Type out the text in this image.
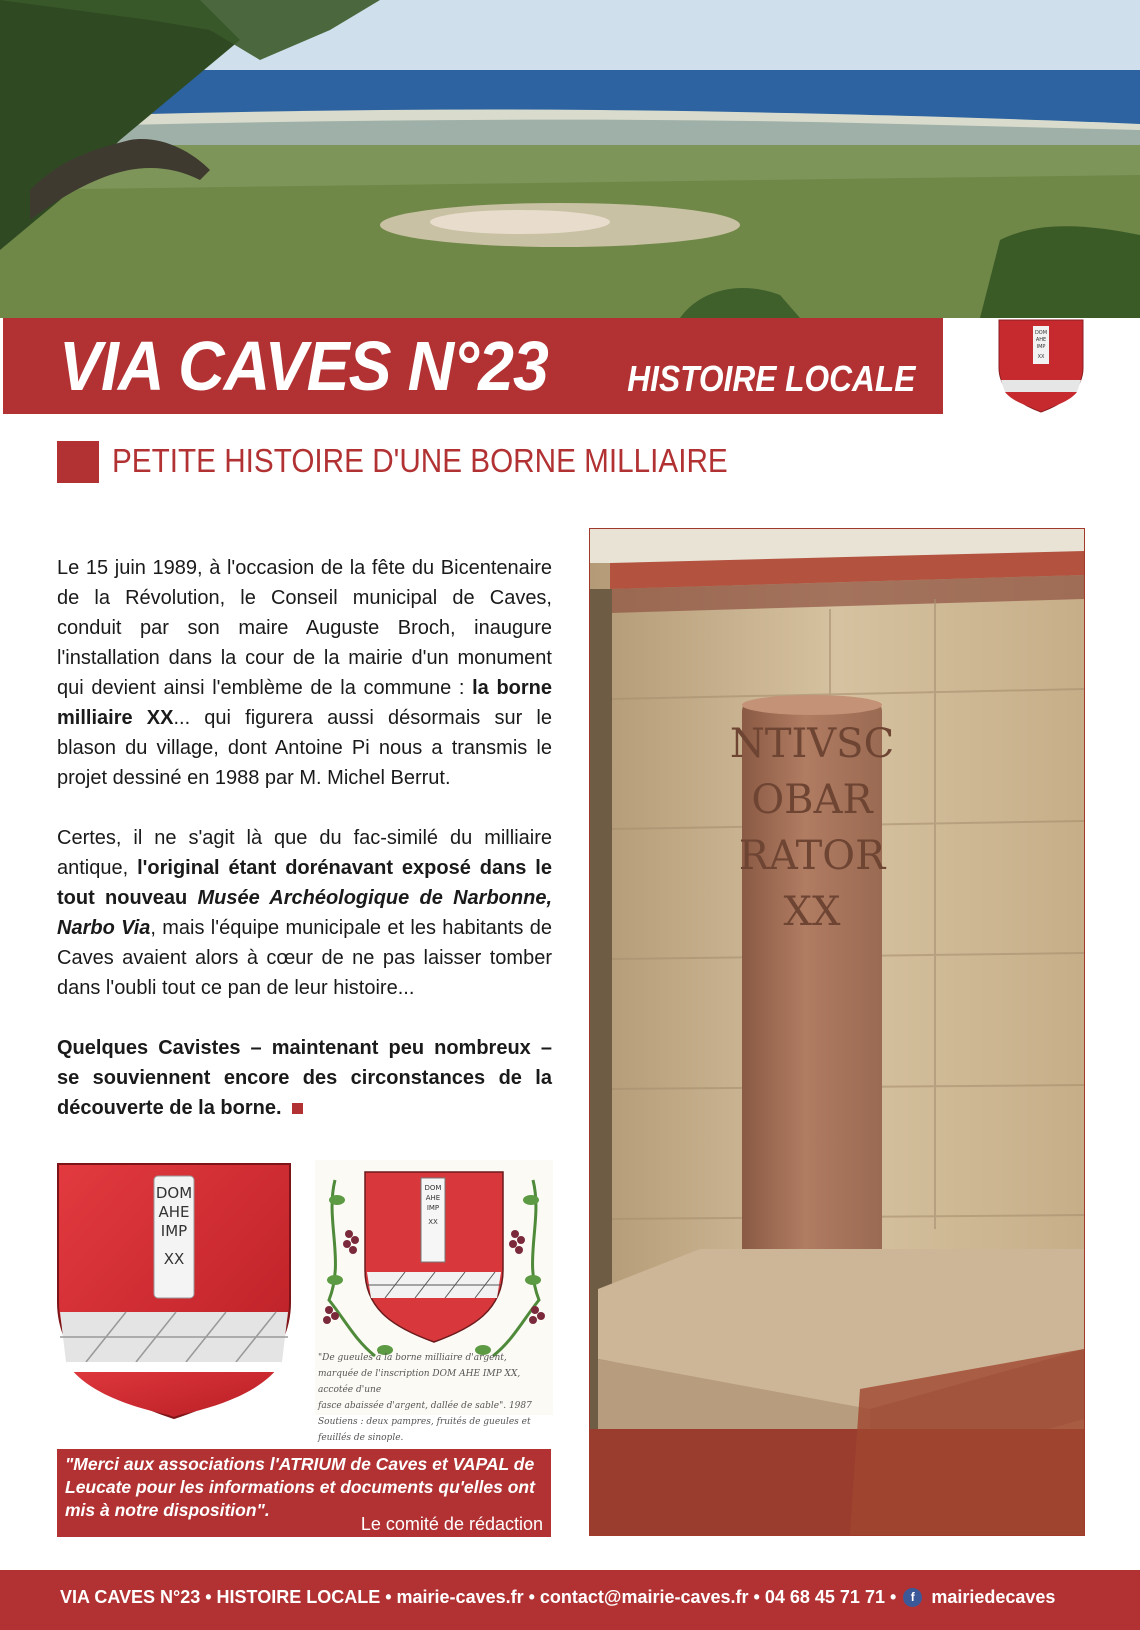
VIA CAVES N°23 HISTOIRE LOCALE
DOM
AHE
IMP
XX
PETITE HISTOIRE D'UNE BORNE MILLIAIRE

Le 15 juin 1989, à l'occasion de la fête du Bicentenaire de la Révolution, le Conseil municipal de Caves, conduit par son maire Auguste Broch, inaugure l'installation dans la cour de la mairie d'un monument qui devient ainsi l'emblème de la commune : la borne milliaire XX... qui figurera aussi désormais sur le blason du village, dont Antoine Pi nous a transmis le projet dessiné en 1988 par M. Michel Berrut.

Certes, il ne s'agit là que du fac-similé du milliaire antique, l'original étant dorénavant exposé dans le tout nouveau Musée Archéologique de Narbonne, Narbo Via, mais l'équipe municipale et les habitants de Caves avaient alors à cœur de ne pas laisser tomber dans l'oubli tout ce pan de leur histoire...

Quelques Cavistes – maintenant peu nombreux – se souviennent encore des circonstances de la découverte de la borne.

DOM
AHE
IMP
XX
DOM
AHE
IMP
XX
"De gueules à la borne milliaire d'argent,
marquée de l'inscription DOM AHE IMP XX, accotée d'une
fasce abaissée d'argent, dallée de sable". 1987
Soutiens : deux pampres, fruités de gueules et feuillés de sinople.
"Merci aux associations l'ATRIUM de Caves et VAPAL de Leucate pour les informations et documents qu'elles ont mis à notre disposition".
Le comité de rédaction
NTIVSC
OBAR
RATOR
XX
VIA CAVES N°23 • HISTOIRE LOCALE • mairie-caves.fr • contact@mairie-caves.fr • 04 68 45 71 71 • f mairiedecaves
